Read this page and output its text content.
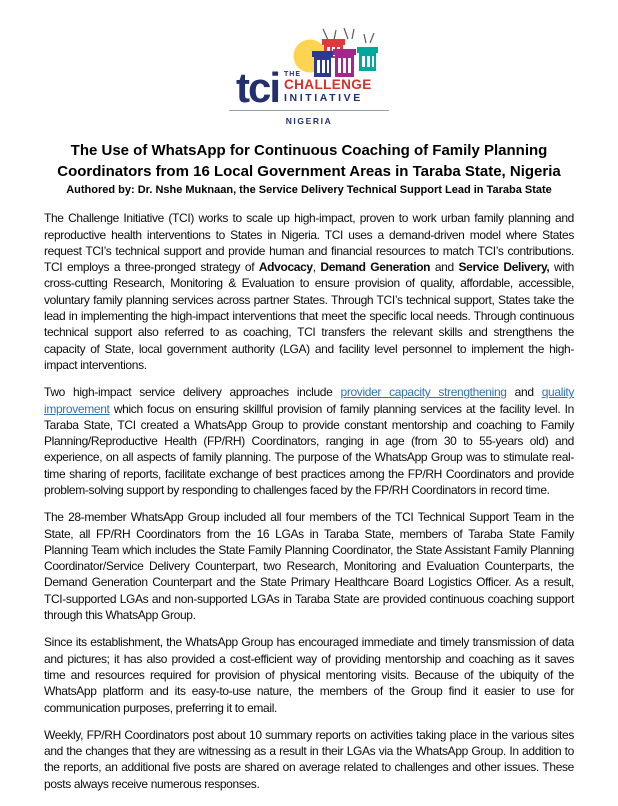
tci THE
CHALLENGE
INITIATIVE
NIGERIA
The Use of WhatsApp for Continuous Coaching of Family Planning Coordinators from 16 Local Government Areas in Taraba State, Nigeria
Authored by: Dr. Nshe Muknaan, the Service Delivery Technical Support Lead in Taraba State

The Challenge Initiative (TCI) works to scale up high-impact, proven to work urban family planning and reproductive health interventions to States in Nigeria. TCI uses a demand-driven model where States request TCI’s technical support and provide human and financial resources to match TCI’s contributions. TCI employs a three-pronged strategy of Advocacy, Demand Generation and Service Delivery, with cross-cutting Research, Monitoring & Evaluation to ensure provision of quality, affordable, accessible, voluntary family planning services across partner States. Through TCI’s technical support, States take the lead in implementing the high-impact interventions that meet the specific local needs. Through continuous technical support also referred to as coaching, TCI transfers the relevant skills and strengthens the capacity of State, local government authority (LGA) and facility level personnel to implement the high-impact interventions.

Two high-impact service delivery approaches include provider capacity strengthening and quality improvement which focus on ensuring skillful provision of family planning services at the facility level. In Taraba State, TCI created a WhatsApp Group to provide constant mentorship and coaching to Family Planning/Reproductive Health (FP/RH) Coordinators, ranging in age (from 30 to 55-years old) and experience, on all aspects of family planning. The purpose of the WhatsApp Group was to stimulate real-time sharing of reports, facilitate exchange of best practices among the FP/RH Coordinators and provide problem-solving support by responding to challenges faced by the FP/RH Coordinators in record time.

The 28-member WhatsApp Group included all four members of the TCI Technical Support Team in the State, all FP/RH Coordinators from the 16 LGAs in Taraba State, members of Taraba State Family Planning Team which includes the State Family Planning Coordinator, the State Assistant Family Planning Coordinator/Service Delivery Counterpart, two Research, Monitoring and Evaluation Counterparts, the Demand Generation Counterpart and the State Primary Healthcare Board Logistics Officer. As a result, TCI-supported LGAs and non-supported LGAs in Taraba State are provided continuous coaching support through this WhatsApp Group.

Since its establishment, the WhatsApp Group has encouraged immediate and timely transmission of data and pictures; it has also provided a cost-efficient way of providing mentorship and coaching as it saves time and resources required for provision of physical mentoring visits. Because of the ubiquity of the WhatsApp platform and its easy-to-use nature, the members of the Group find it easier to use for communication purposes, preferring it to email.

Weekly, FP/RH Coordinators post about 10 summary reports on activities taking place in the various sites and the changes that they are witnessing as a result in their LGAs via the WhatsApp Group. In addition to the reports, an additional five posts are shared on average related to challenges and other issues. These posts always receive numerous responses.
